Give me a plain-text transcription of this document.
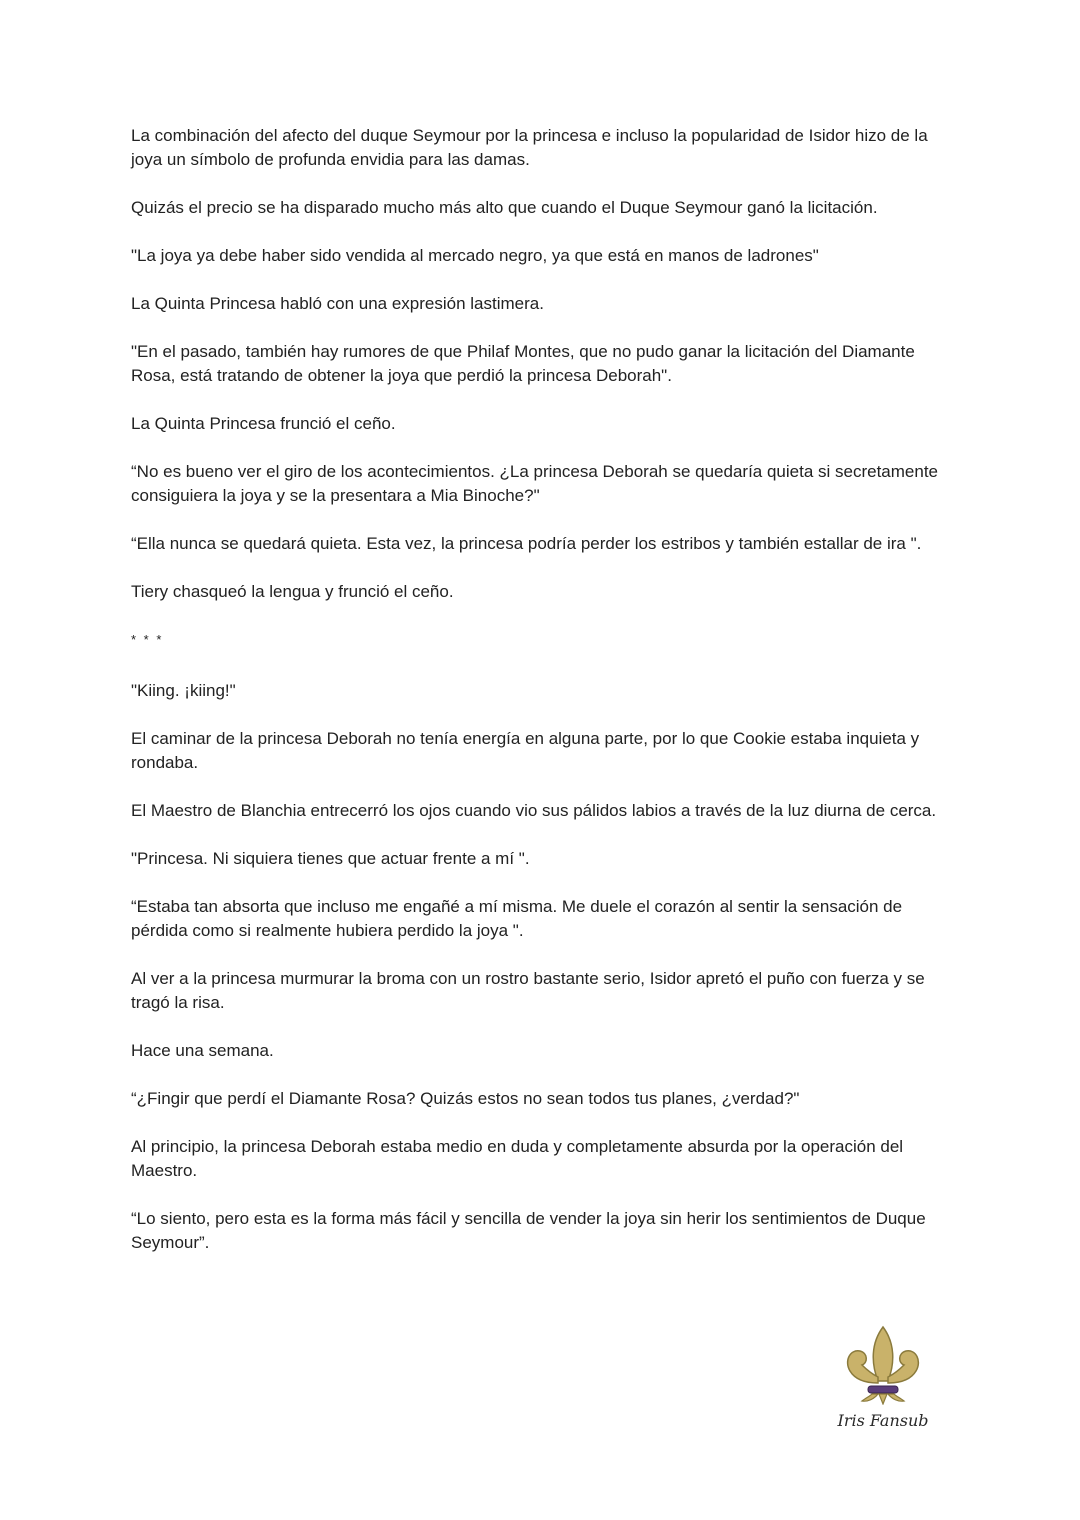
La combinación del afecto del duque Seymour por la princesa e incluso la popularidad de Isidor hizo de la joya un símbolo de profunda envidia para las damas.

Quizás el precio se ha disparado mucho más alto que cuando el Duque Seymour ganó la licitación.

"La joya ya debe haber sido vendida al mercado negro, ya que está en manos de ladrones"

La Quinta Princesa habló con una expresión lastimera.

"En el pasado, también hay rumores de que Philaf Montes, que no pudo ganar la licitación del Diamante Rosa, está tratando de obtener la joya que perdió la princesa Deborah".

La Quinta Princesa frunció el ceño.

“No es bueno ver el giro de los acontecimientos. ¿La princesa Deborah se quedaría quieta si secretamente consiguiera la joya y se la presentara a Mia Binoche?"

“Ella nunca se quedará quieta. Esta vez, la princesa podría perder los estribos y también estallar de ira ".

Tiery chasqueó la lengua y frunció el ceño.

* * *

"Kiing. ¡kiing!"

El caminar de la princesa Deborah no tenía energía en alguna parte, por lo que Cookie estaba inquieta y rondaba.

El Maestro de Blanchia entrecerró los ojos cuando vio sus pálidos labios a través de la luz diurna de cerca.

"Princesa. Ni siquiera tienes que actuar frente a mí ".

“Estaba tan absorta que incluso me engañé a mí misma. Me duele el corazón al sentir la sensación de pérdida como si realmente hubiera perdido la joya ".

Al ver a la princesa murmurar la broma con un rostro bastante serio, Isidor apretó el puño con fuerza y se tragó la risa.

Hace una semana.

“¿Fingir que perdí el Diamante Rosa? Quizás estos no sean todos tus planes, ¿verdad?"

Al principio, la princesa Deborah estaba medio en duda y completamente absurda por la operación del Maestro.

“Lo siento, pero esta es la forma más fácil y sencilla de vender la joya sin herir los sentimientos de Duque Seymour”.

Iris Fansub
